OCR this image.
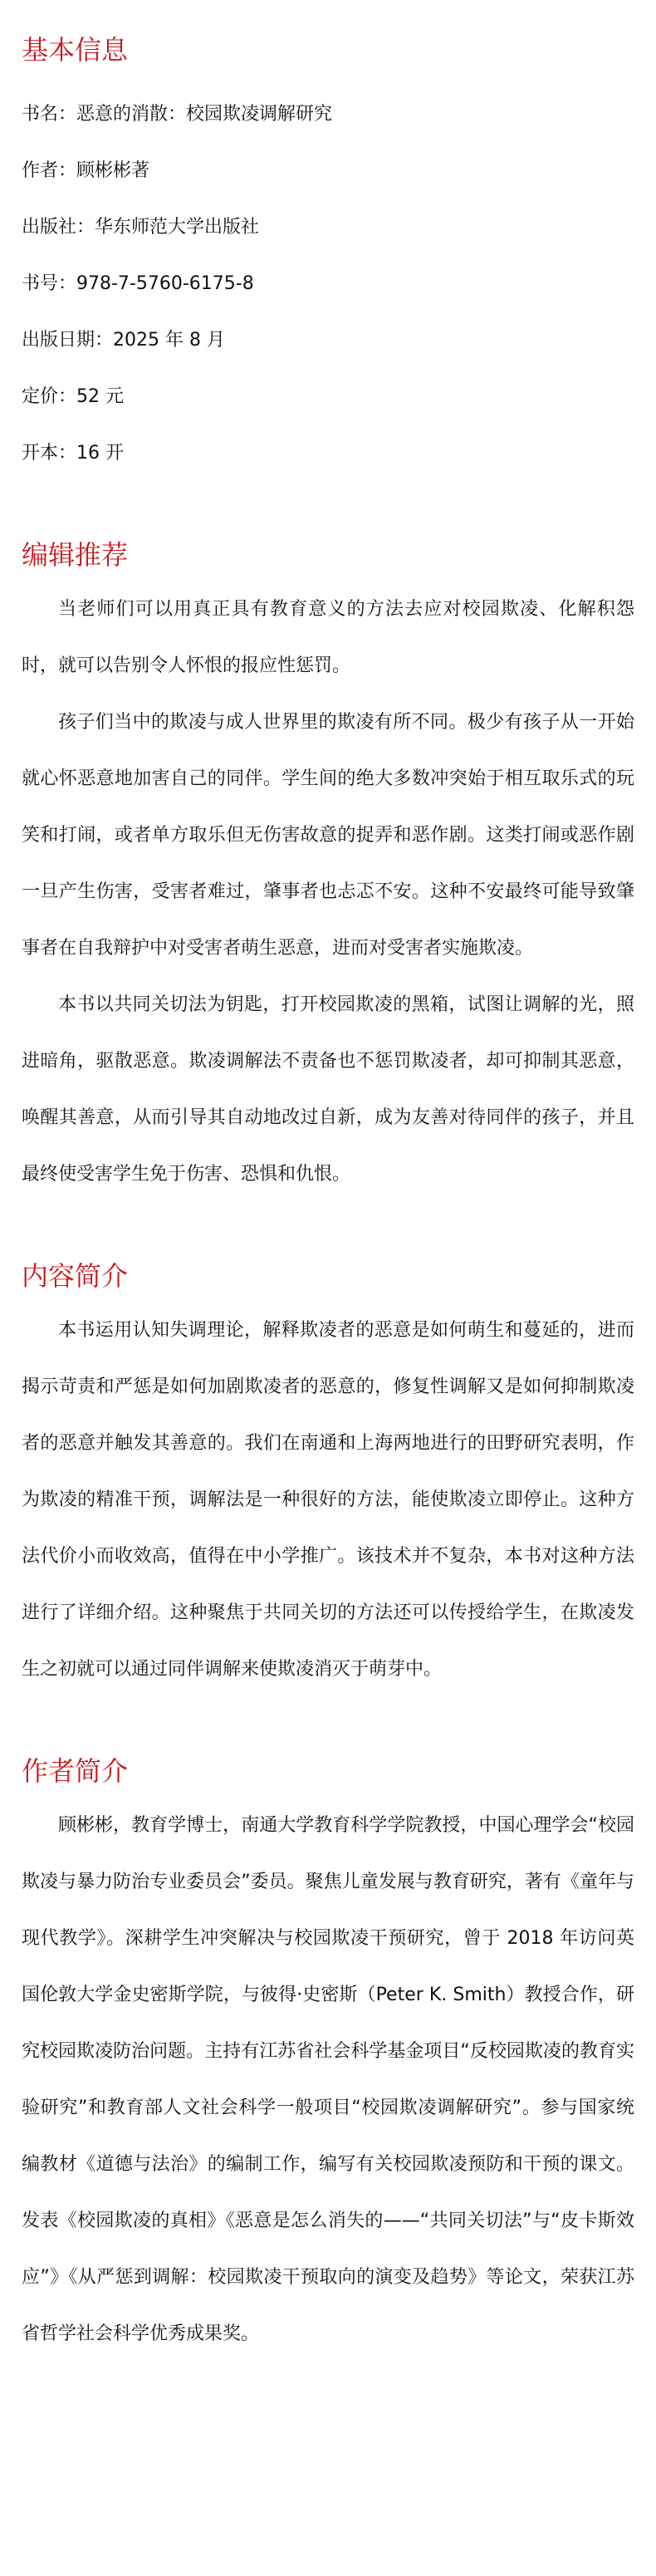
基本信息
书名：恶意的消散：校园欺凌调解研究
作者：顾彬彬著
出版社：华东师范大学出版社
书号：978-7-5760-6175-8
出版日期：2025 年 8 月
定价：52 元
开本：16 开
编辑推荐

当老师们可以用真正具有教育意义的方法去应对校园欺凌、化解积怨时，就可以告别令人怀恨的报应性惩罚。

孩子们当中的欺凌与成人世界里的欺凌有所不同。极少有孩子从一开始就心怀恶意地加害自己的同伴。学生间的绝大多数冲突始于相互取乐式的玩笑和打闹，或者单方取乐但无伤害故意的捉弄和恶作剧。这类打闹或恶作剧一旦产生伤害，受害者难过，肇事者也忐忑不安。这种不安最终可能导致肇事者在自我辩护中对受害者萌生恶意，进而对受害者实施欺凌。

本书以共同关切法为钥匙，打开校园欺凌的黑箱，试图让调解的光，照进暗角，驱散恶意。欺凌调解法不责备也不惩罚欺凌者，却可抑制其恶意，唤醒其善意，从而引导其自动地改过自新，成为友善对待同伴的孩子，并且最终使受害学生免于伤害、恐惧和仇恨。

内容简介

本书运用认知失调理论，解释欺凌者的恶意是如何萌生和蔓延的，进而揭示苛责和严惩是如何加剧欺凌者的恶意的，修复性调解又是如何抑制欺凌者的恶意并触发其善意的。我们在南通和上海两地进行的田野研究表明，作为欺凌的精准干预，调解法是一种很好的方法，能使欺凌立即停止。这种方法代价小而收效高，值得在中小学推广。该技术并不复杂，本书对这种方法进行了详细介绍。这种聚焦于共同关切的方法还可以传授给学生，在欺凌发生之初就可以通过同伴调解来使欺凌消灭于萌芽中。

作者简介

顾彬彬，教育学博士，南通大学教育科学学院教授，中国心理学会“校园欺凌与暴力防治专业委员会”委员。聚焦儿童发展与教育研究，著有《童年与现代教学》。深耕学生冲突解决与校园欺凌干预研究，曾于 2018 年访问英国伦敦大学金史密斯学院，与彼得·史密斯（Peter K. Smith）教授合作，研究校园欺凌防治问题。主持有江苏省社会科学基金项目“反校园欺凌的教育实验研究”和教育部人文社会科学一般项目“校园欺凌调解研究”。参与国家统编教材《道德与法治》的编制工作，编写有关校园欺凌预防和干预的课文。发表《校园欺凌的真相》《恶意是怎么消失的——“共同关切法”与“皮卡斯效应”》《从严惩到调解：校园欺凌干预取向的演变及趋势》等论文，荣获江苏省哲学社会科学优秀成果奖。
